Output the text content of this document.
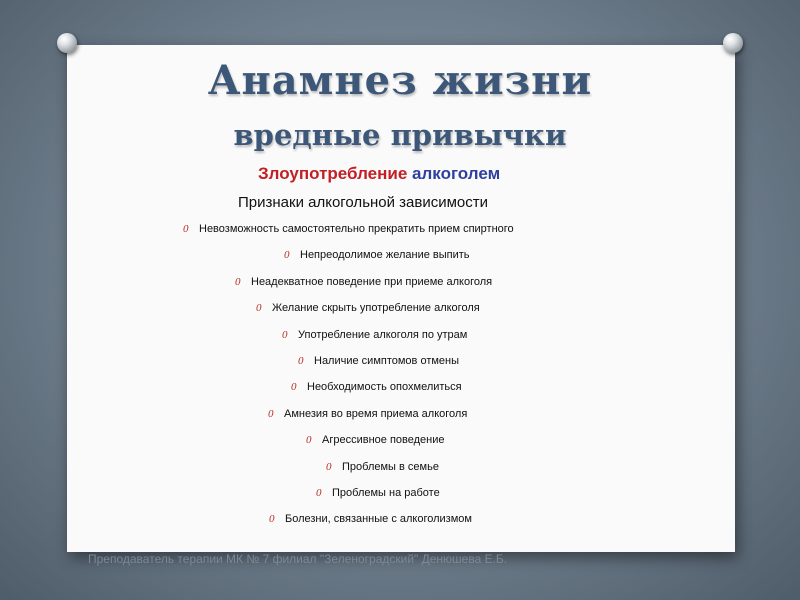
Анамнез жизни
вредные привычки
Злоупотребление алкоголем
Признаки алкогольной зависимости
0 Невозможность самостоятельно прекратить прием спиртного
0 Непреодолимое желание выпить
0 Неадекватное поведение при приеме алкоголя
0 Желание скрыть употребление алкоголя
0 Употребление алкоголя по утрам
0 Наличие симптомов отмены
0 Необходимость опохмелиться
0 Амнезия во время приема алкоголя
0 Агрессивное поведение
0 Проблемы в семье
0 Проблемы на работе
0 Болезни, связанные с алкоголизмом
Преподаватель терапии МК № 7 филиал "Зеленоградский" Денюшева Е.Б.
